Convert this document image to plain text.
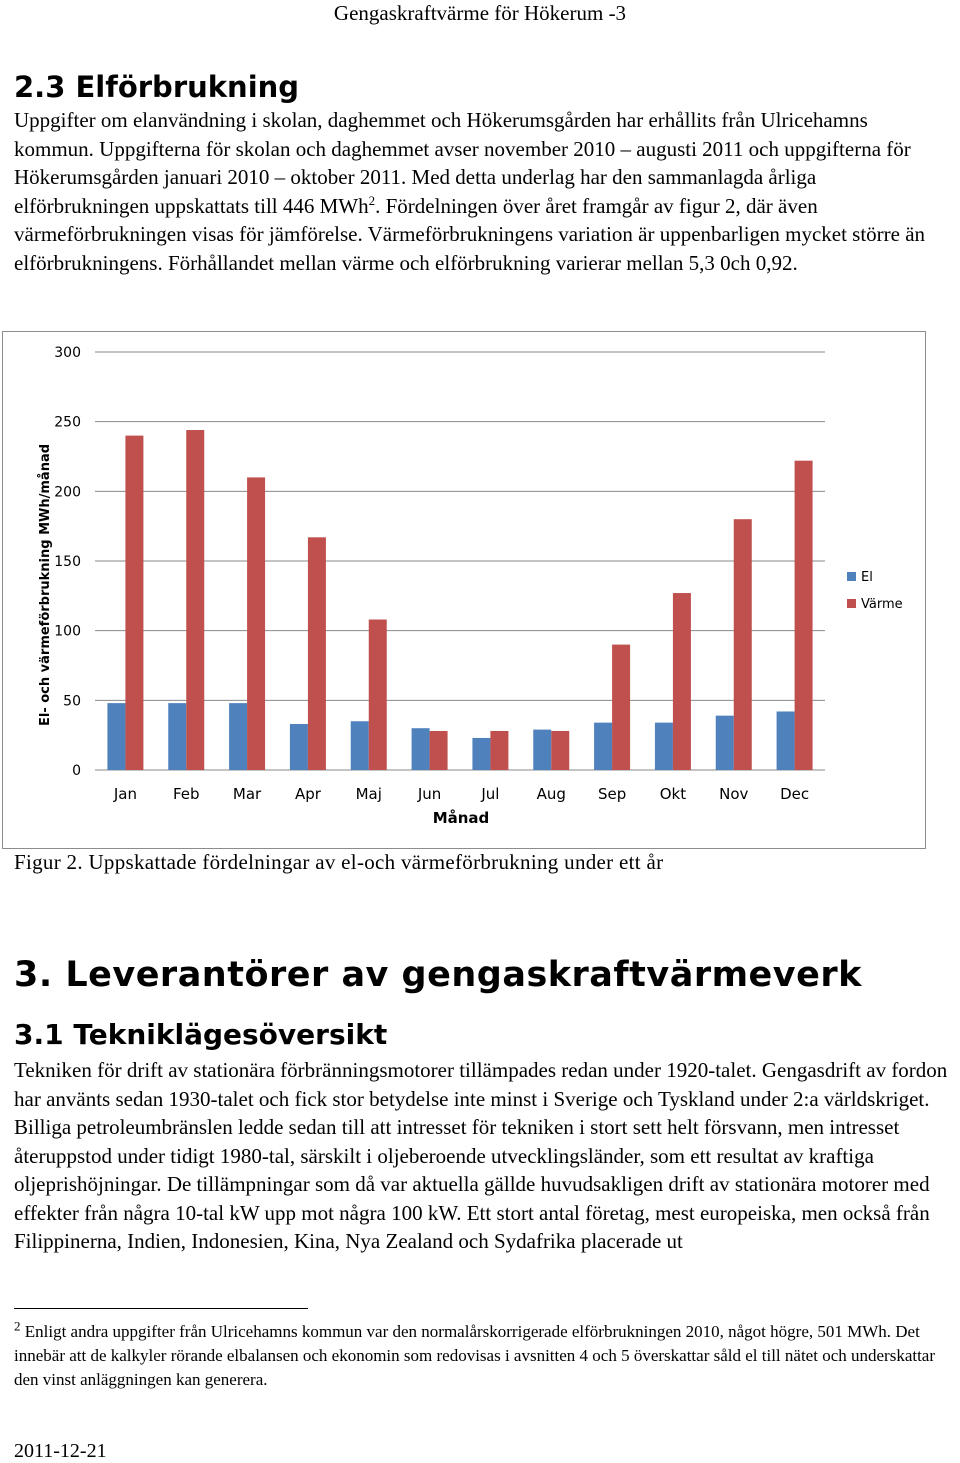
Gengaskraftvärme för Hökerum -3
2.3 Elförbrukning

Uppgifter om elanvändning i skolan, daghemmet och Hökerumsgården har erhållits från Ulricehamns kommun. Uppgifterna för skolan och daghemmet avser november 2010 – augusti 2011 och uppgifterna för Hökerumsgården januari 2010 – oktober 2011. Med detta underlag har den sammanlagda årliga elförbrukningen uppskattats till 446 MWh$^2$. Fördelningen över året framgår av figur 2, där även värmeförbrukningen visas för jämförelse. Värmeförbrukningens variation är uppenbarligen mycket större än elförbrukningens. Förhållandet mellan värme och elförbrukning varierar mellan 5,3 0ch 0,92.

0
50
100
150
200
250
300
Jan Feb Mar Apr Maj Jun	Jul Aug Sep Okt Nov Dec
El- och värmeförbrukning MWh/månad
Månad
El
Värme
Figur 2. Uppskattade fördelningar av el-och värmeförbrukning under ett år
3. Leverantörer av gengaskraftvärmeverk
3.1 Tekniklägesöversikt

Tekniken för drift av stationära förbränningsmotorer tillämpades redan under 1920-talet. Gengasdrift av fordon har använts sedan 1930-talet och fick stor betydelse inte minst i Sverige och Tyskland under 2:a världskriget. Billiga petroleumbränslen ledde sedan till att intresset för tekniken i stort sett helt försvann, men intresset återuppstod under tidigt 1980-tal, särskilt i oljeberoende utvecklingsländer, som ett resultat av kraftiga oljeprishöjningar. De tillämpningar som då var aktuella gällde huvudsakligen drift av stationära motorer med effekter från några 10-tal kW upp mot några 100 kW. Ett stort antal företag, mest europeiska, men också från Filippinerna, Indien, Indonesien, Kina, Nya Zealand och Sydafrika placerade ut

$^2$ Enligt andra uppgifter från Ulricehamns kommun var den normalårskorrigerade elförbrukningen 2010, något högre, 501 MWh. Det innebär att de kalkyler rörande elbalansen och ekonomin som redovisas i avsnitten 4 och 5 överskattar såld el till nätet och underskattar den vinst anläggningen kan generera.

2011-12-21
